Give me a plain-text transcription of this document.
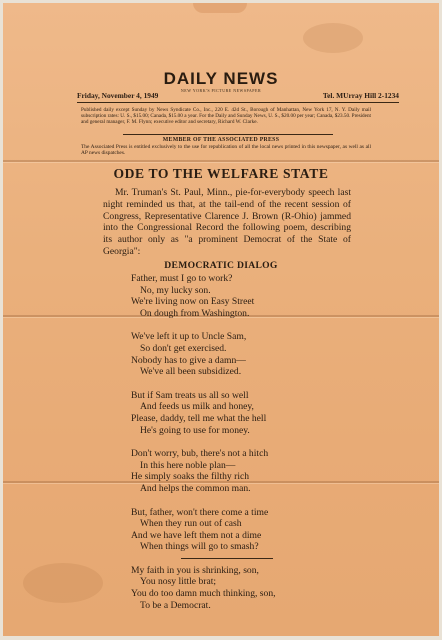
DAILY NEWS
NEW YORK'S PICTURE NEWSPAPER
Friday, November 4, 1949	Tel. MUrray Hill 2-1234
Published daily except Sunday by News Syndicate Co., Inc., 220 E. 42d St., Borough of Manhattan, New York 17, N. Y. Daily mail subscription rates: U. S., $15.00; Canada, $15.00 a year. For the Daily and Sunday News, U. S., $20.00 per year; Canada, $23.50. President and general manager, F. M. Flynn; executive editor and secretary, Richard W. Clarke.
MEMBER OF THE ASSOCIATED PRESS
The Associated Press is entitled exclusively to the use for republication of all the local news printed in this newspaper, as well as all AP news dispatches.
ODE TO THE WELFARE STATE
Mr. Truman's St. Paul, Minn., pie-for-everybody speech last night reminded us that, at the tail-end of the recent session of Congress, Representative Clarence J. Brown (R-Ohio) jammed into the Congressional Record the following poem, describing its author only as "a prominent Democrat of the State of Georgia":
DEMOCRATIC DIALOG
Father, must I go to work?
No, my lucky son.
We're living now on Easy Street
On dough from Washington.
We've left it up to Uncle Sam,
So don't get exercised.
Nobody has to give a damn—
We've all been subsidized.
But if Sam treats us all so well
And feeds us milk and honey,
Please, daddy, tell me what the hell
He's going to use for money.
Don't worry, bub, there's not a hitch
In this here noble plan—
He simply soaks the filthy rich
And helps the common man.
But, father, won't there come a time
When they run out of cash
And we have left them not a dime
When things will go to smash?
My faith in you is shrinking, son,
You nosy little brat;
You do too damn much thinking, son,
To be a Democrat.
